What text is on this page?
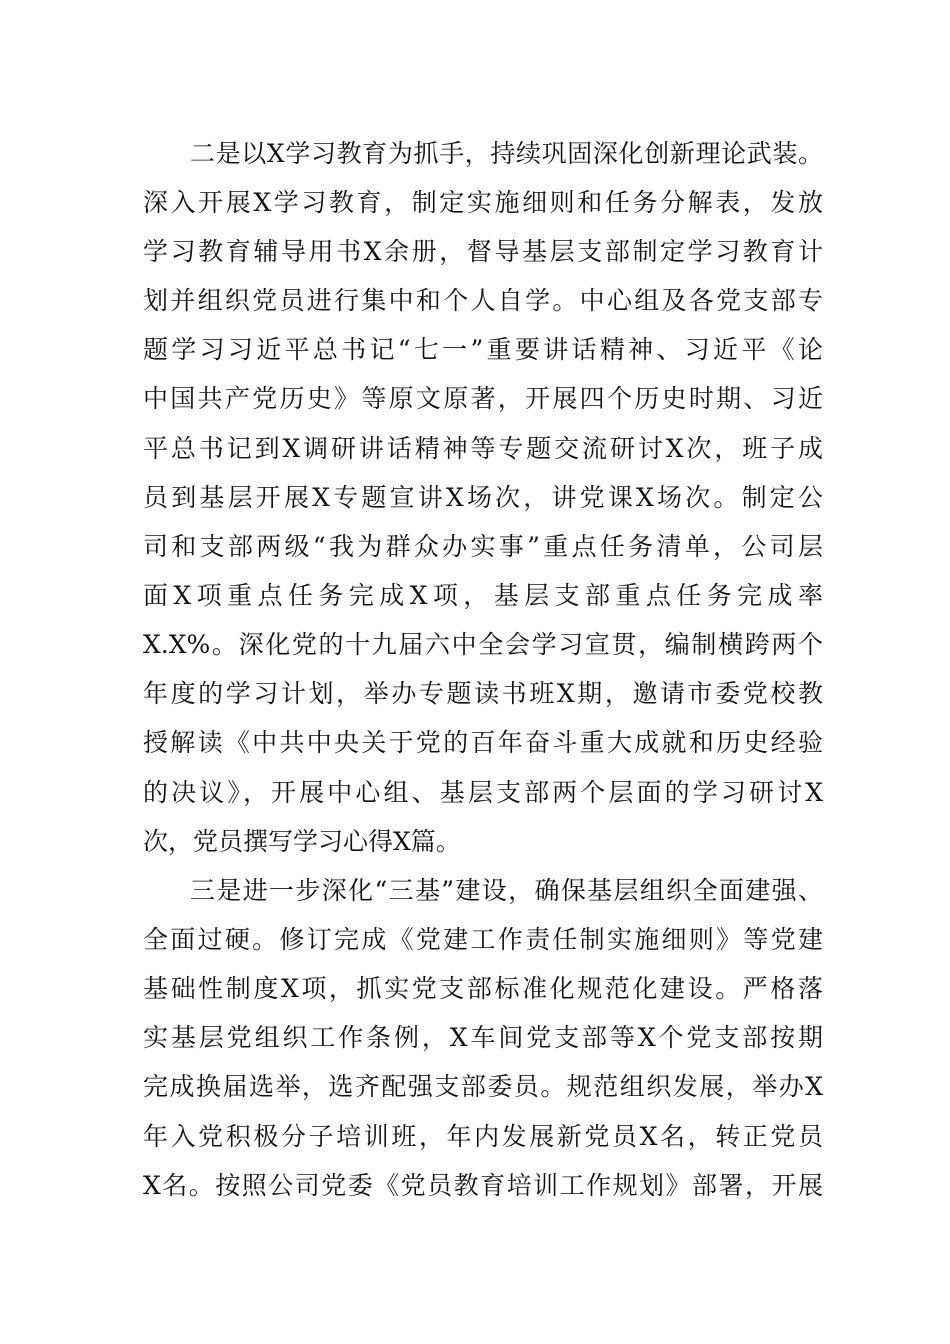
二是以X学习教育为抓手，持续巩固深化创新理论武装。
深入开展X学习教育，制定实施细则和任务分解表，发放
学习教育辅导用书X余册，督导基层支部制定学习教育计
划并组织党员进行集中和个人自学。中心组及各党支部专
题学习习近平总书记“七一”重要讲话精神、习近平《论
中国共产党历史》等原文原著，开展四个历史时期、习近
平总书记到X调研讲话精神等专题交流研讨X次，班子成
员到基层开展X专题宣讲X场次，讲党课X场次。制定公
司和支部两级“我为群众办实事”重点任务清单，公司层
面X项重点任务完成X项，基层支部重点任务完成率
X.X%。深化党的十九届六中全会学习宣贯，编制横跨两个
年度的学习计划，举办专题读书班X期，邀请市委党校教
授解读《中共中央关于党的百年奋斗重大成就和历史经验
的决议》，开展中心组、基层支部两个层面的学习研讨X
次，党员撰写学习心得X篇。
三是进一步深化“三基”建设，确保基层组织全面建强、
全面过硬。修订完成《党建工作责任制实施细则》等党建
基础性制度X项，抓实党支部标准化规范化建设。严格落
实基层党组织工作条例，X车间党支部等X个党支部按期
完成换届选举，选齐配强支部委员。规范组织发展，举办X
年入党积极分子培训班，年内发展新党员X名，转正党员
X名。按照公司党委《党员教育培训工作规划》部署，开展
